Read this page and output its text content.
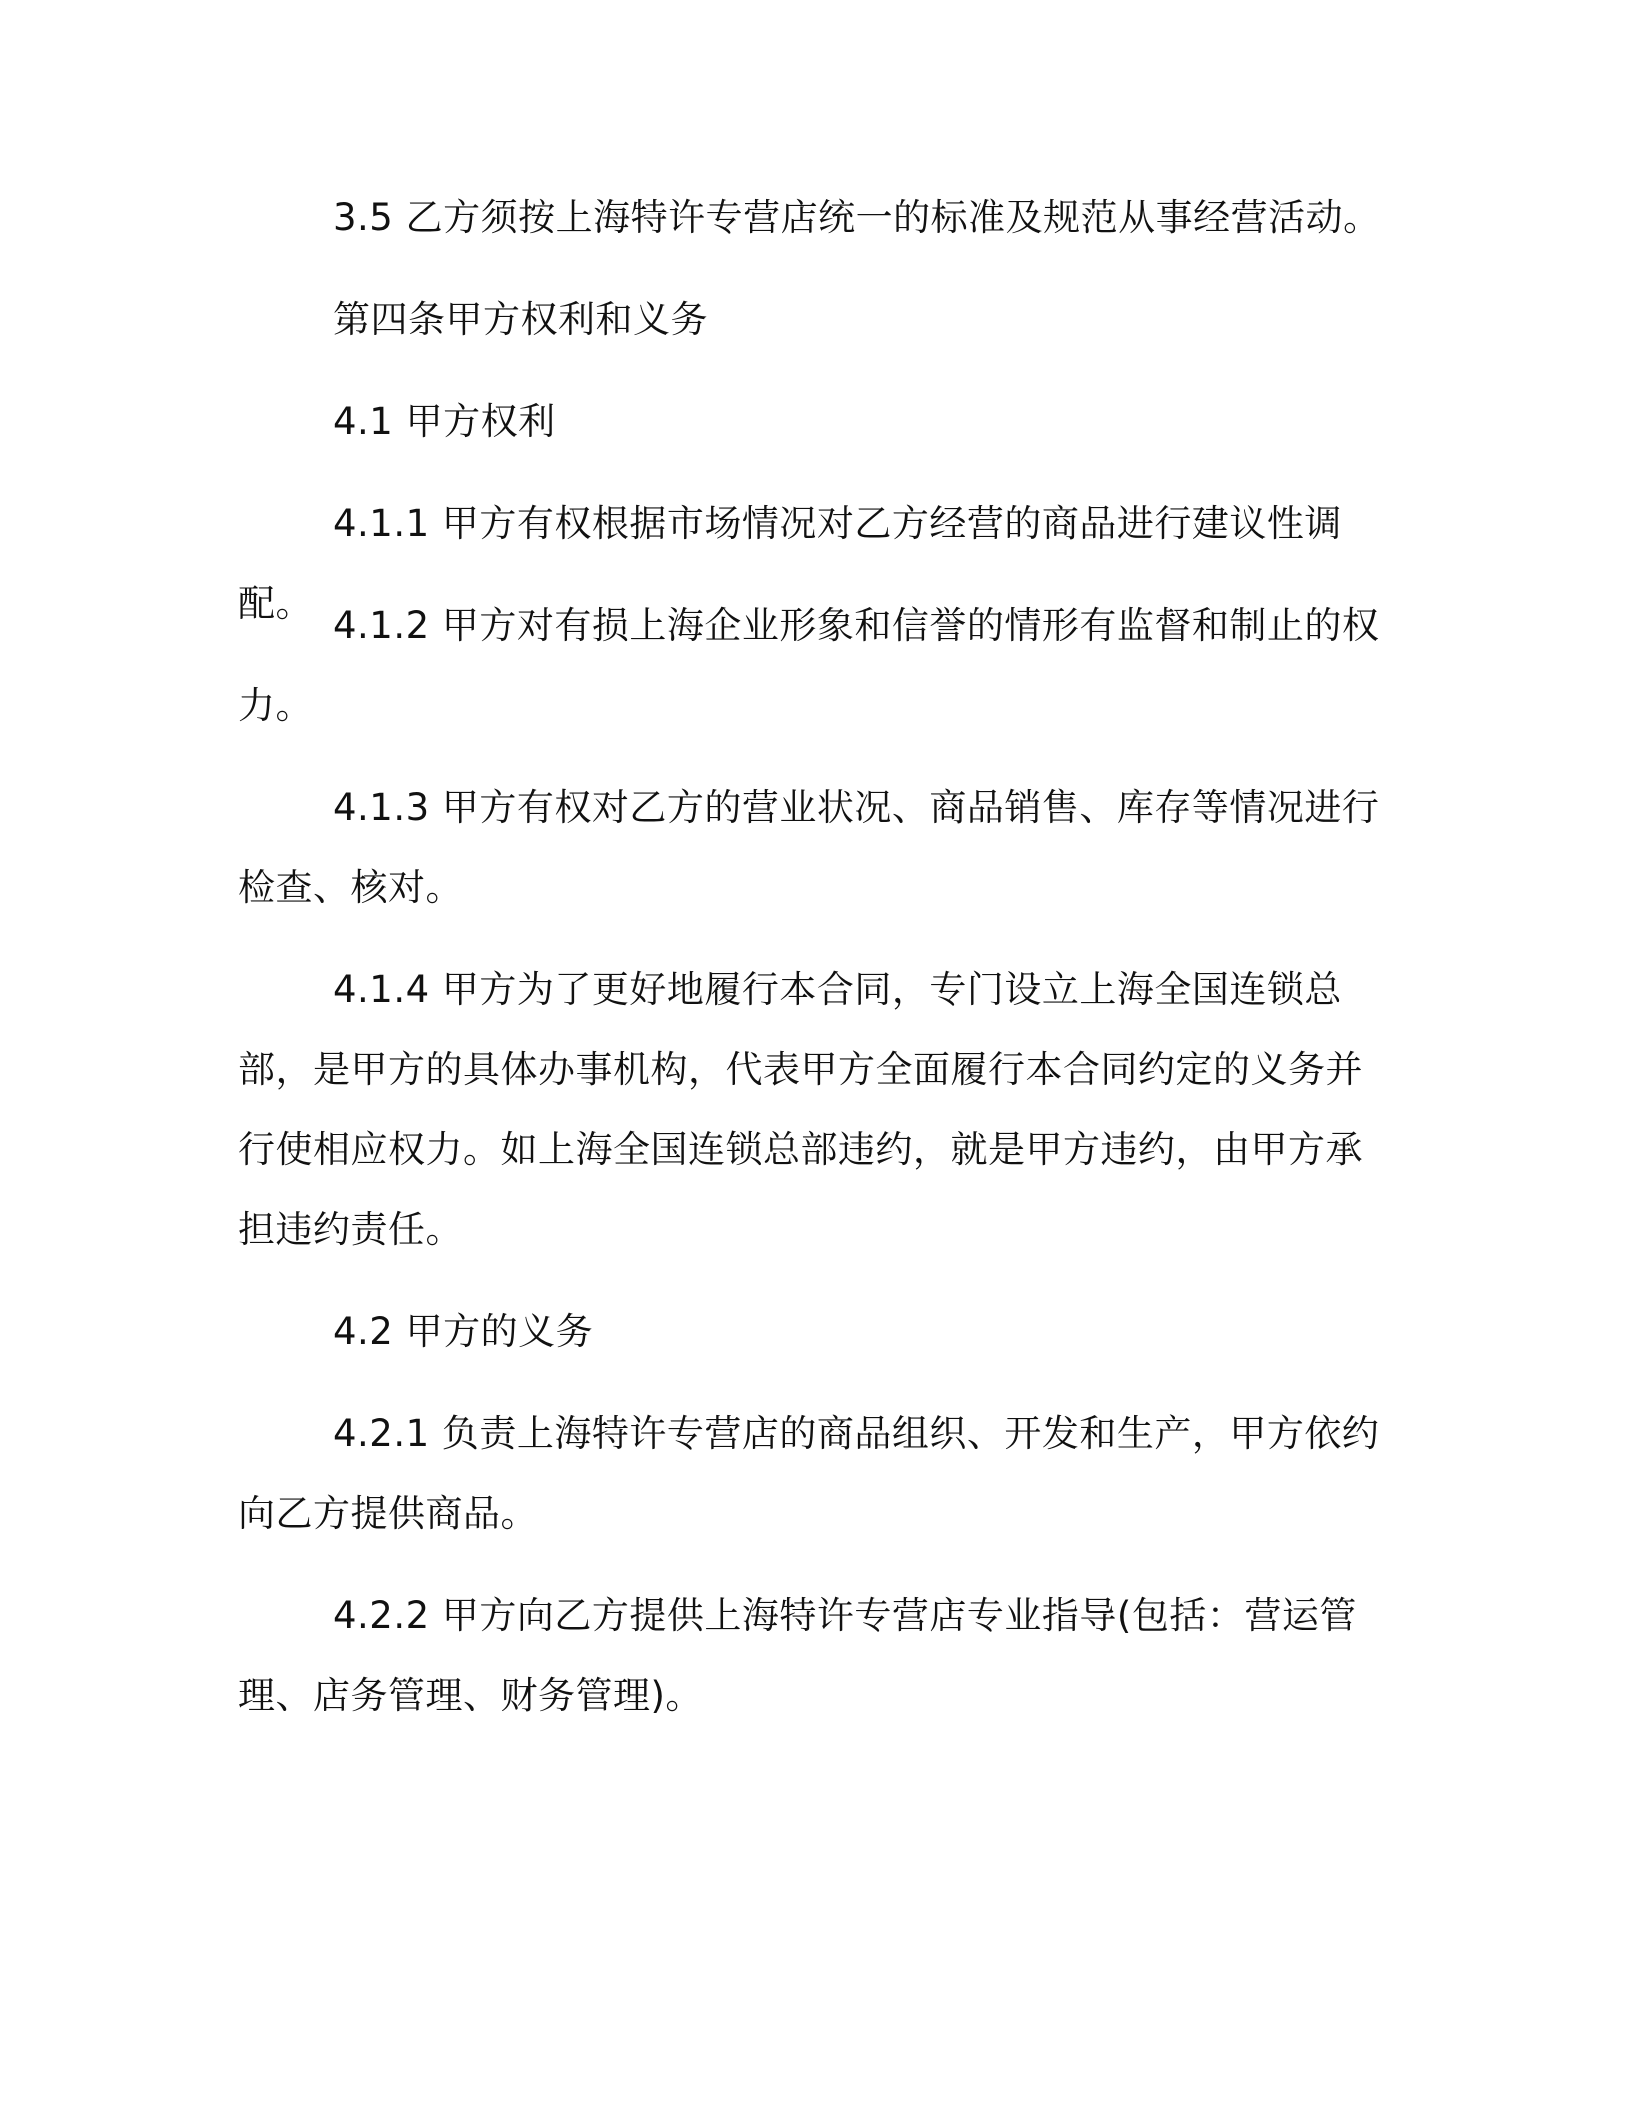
3.5 乙方须按上海特许专营店统一的标准及规范从事经营活动。

第四条甲方权利和义务

4.1 甲方权利

4.1.1 甲方有权根据市场情况对乙方经营的商品进行建议性调配。

4.1.2 甲方对有损上海企业形象和信誉的情形有监督和制止的权力。

4.1.3 甲方有权对乙方的营业状况、商品销售、库存等情况进行检查、核对。

4.1.4 甲方为了更好地履行本合同，专门设立上海全国连锁总部，是甲方的具体办事机构，代表甲方全面履行本合同约定的义务并行使相应权力。如上海全国连锁总部违约，就是甲方违约，由甲方承担违约责任。

4.2 甲方的义务

4.2.1 负责上海特许专营店的商品组织、开发和生产，甲方依约向乙方提供商品。

4.2.2 甲方向乙方提供上海特许专营店专业指导(包括：营运管理、店务管理、财务管理)。
